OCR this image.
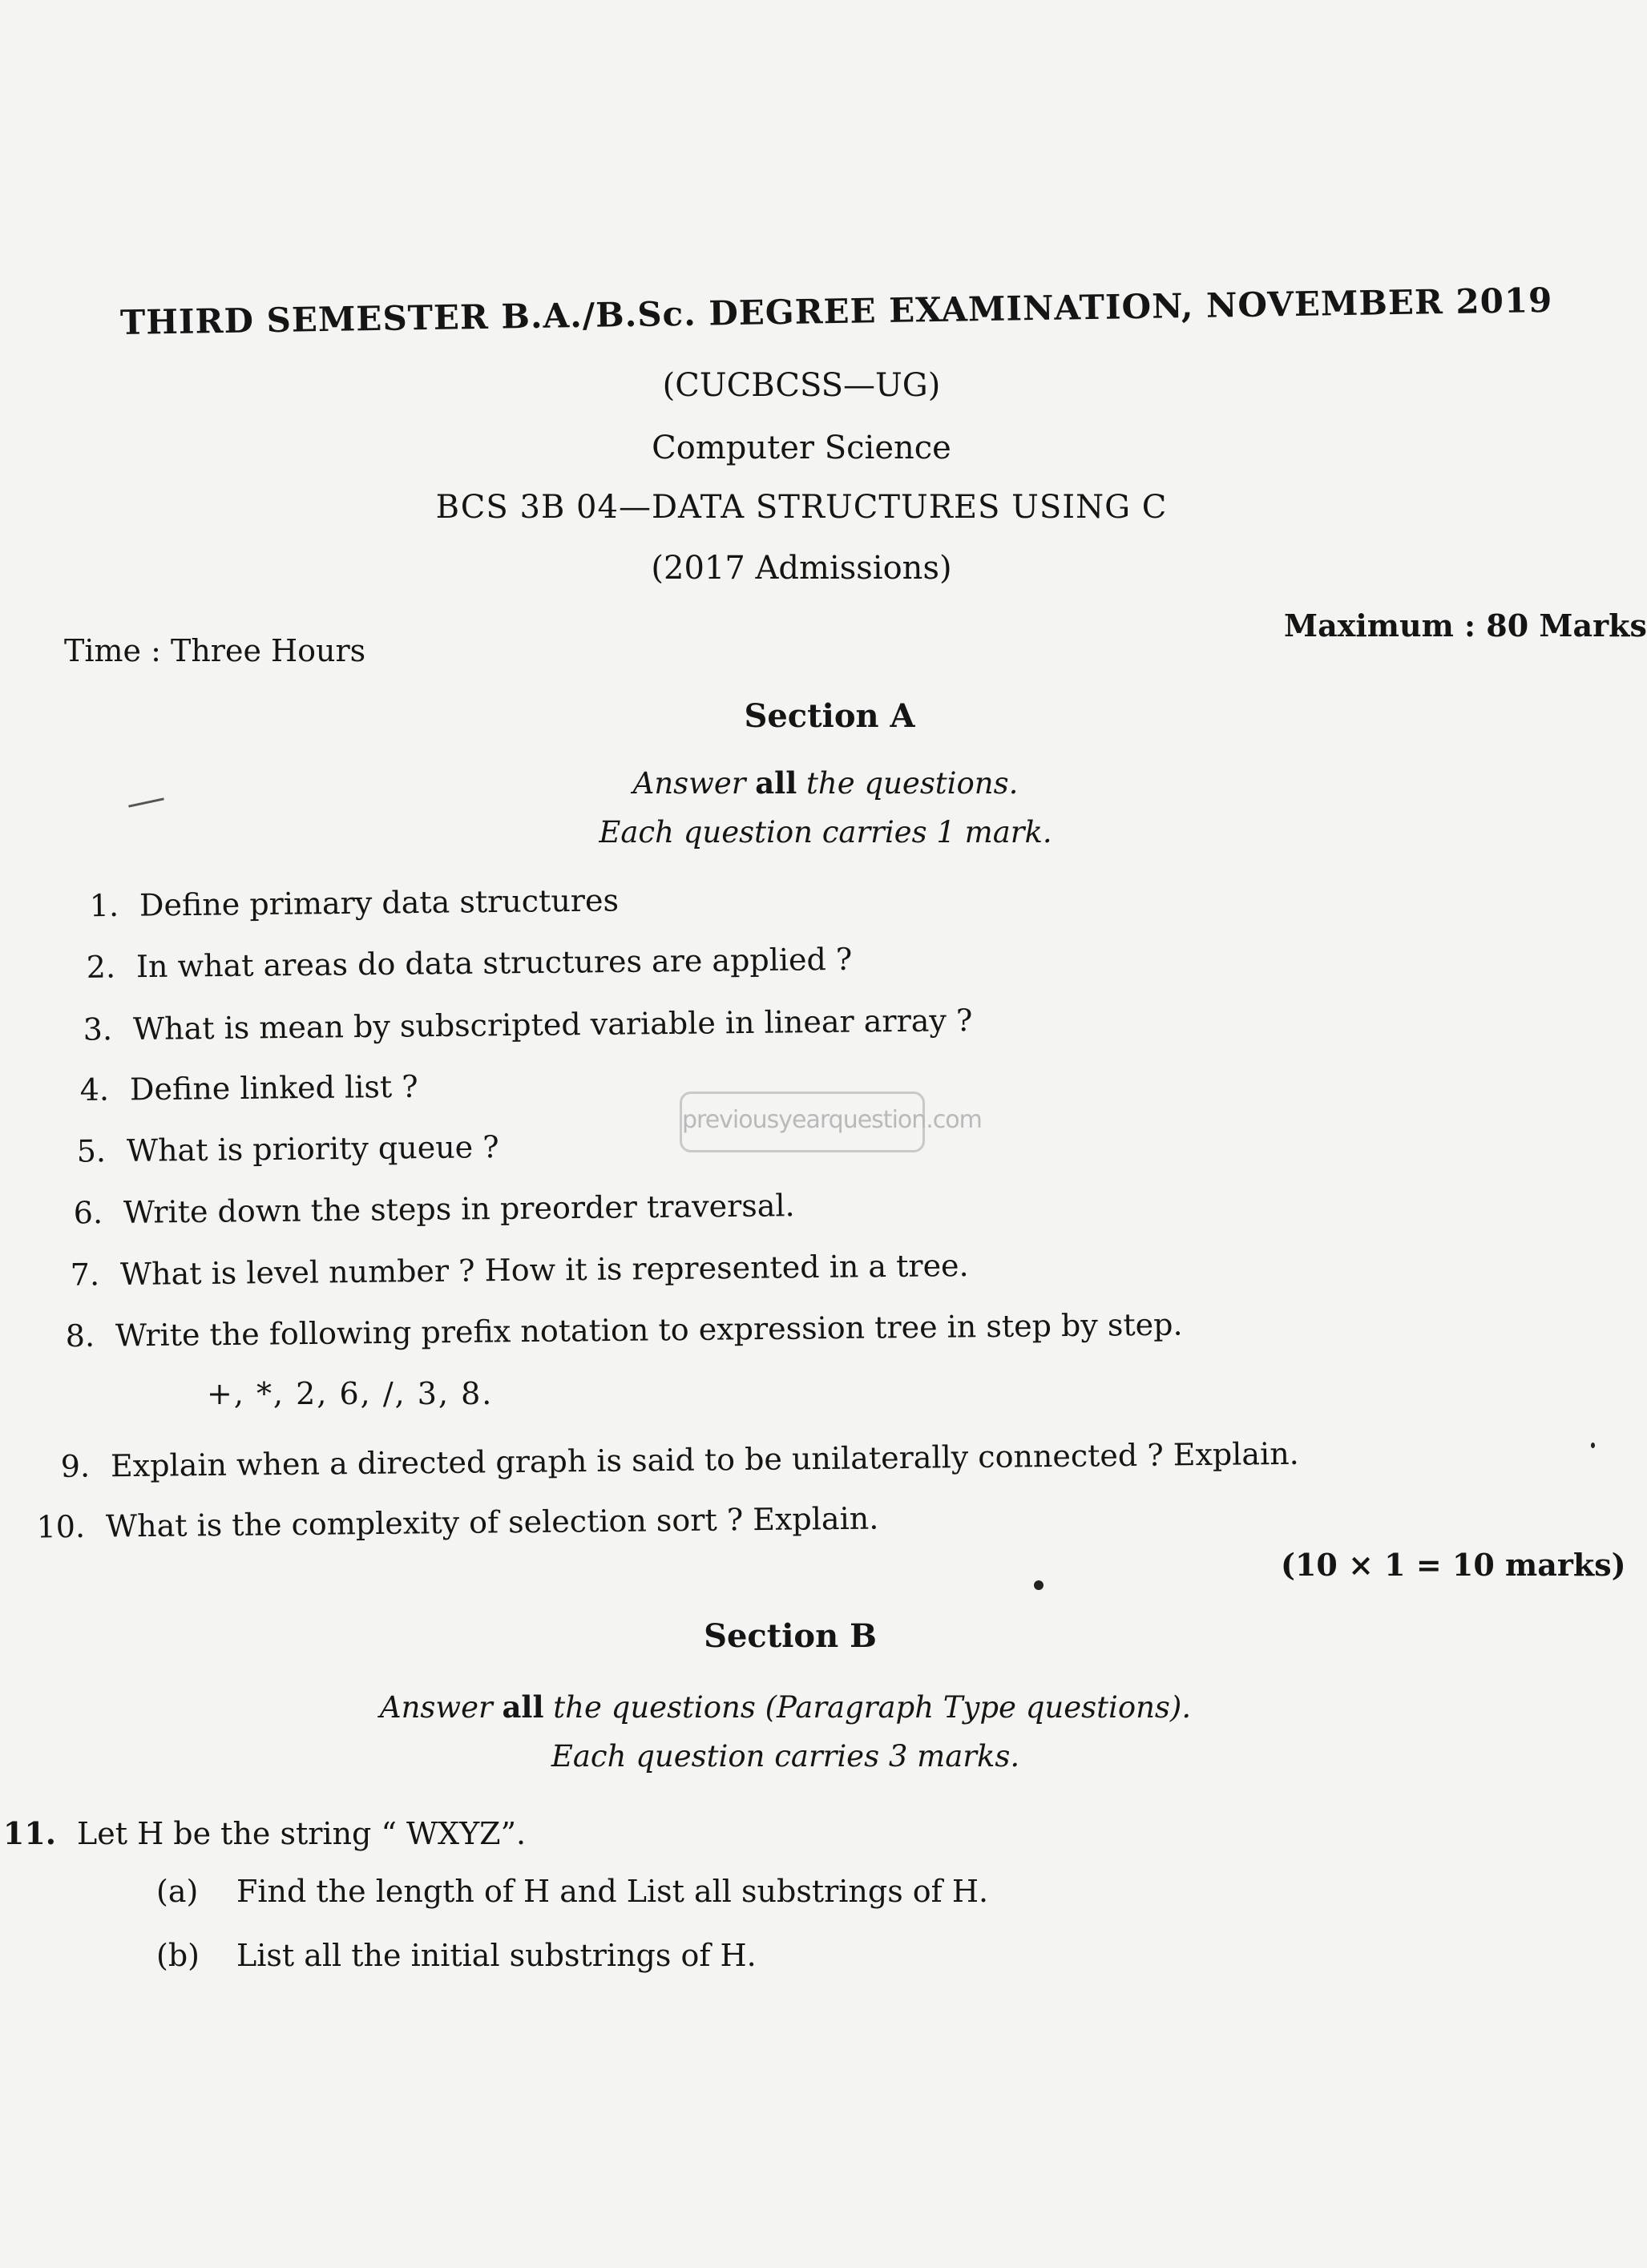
THIRD SEMESTER B.A./B.Sc. DEGREE EXAMINATION, NOVEMBER 2019
(CUCBCSS—UG)
Computer Science
BCS 3B 04—DATA STRUCTURES USING C
(2017 Admissions)
Time : Three Hours
Maximum : 80 Marks
Section A
Answer all the questions.
Each question carries 1 mark.
1. Define primary data structures
2. In what areas do data structures are applied ?
3. What is mean by subscripted variable in linear array ?
4. Define linked list ?
5. What is priority queue ?
6. Write down the steps in preorder traversal.
7. What is level number ? How it is represented in a tree.
8. Write the following prefix notation to expression tree in step by step.
+, *, 2, 6, /, 3, 8.
9. Explain when a directed graph is said to be unilaterally connected ? Explain.
10. What is the complexity of selection sort ? Explain.
(10 × 1 = 10 marks)
Section B
Answer all the questions (Paragraph Type questions).
Each question carries 3 marks.
11. Let H be the string “ WXYZ”.
(a) Find the length of H and List all substrings of H.
(b) List all the initial substrings of H.
previousyearquestion.com
